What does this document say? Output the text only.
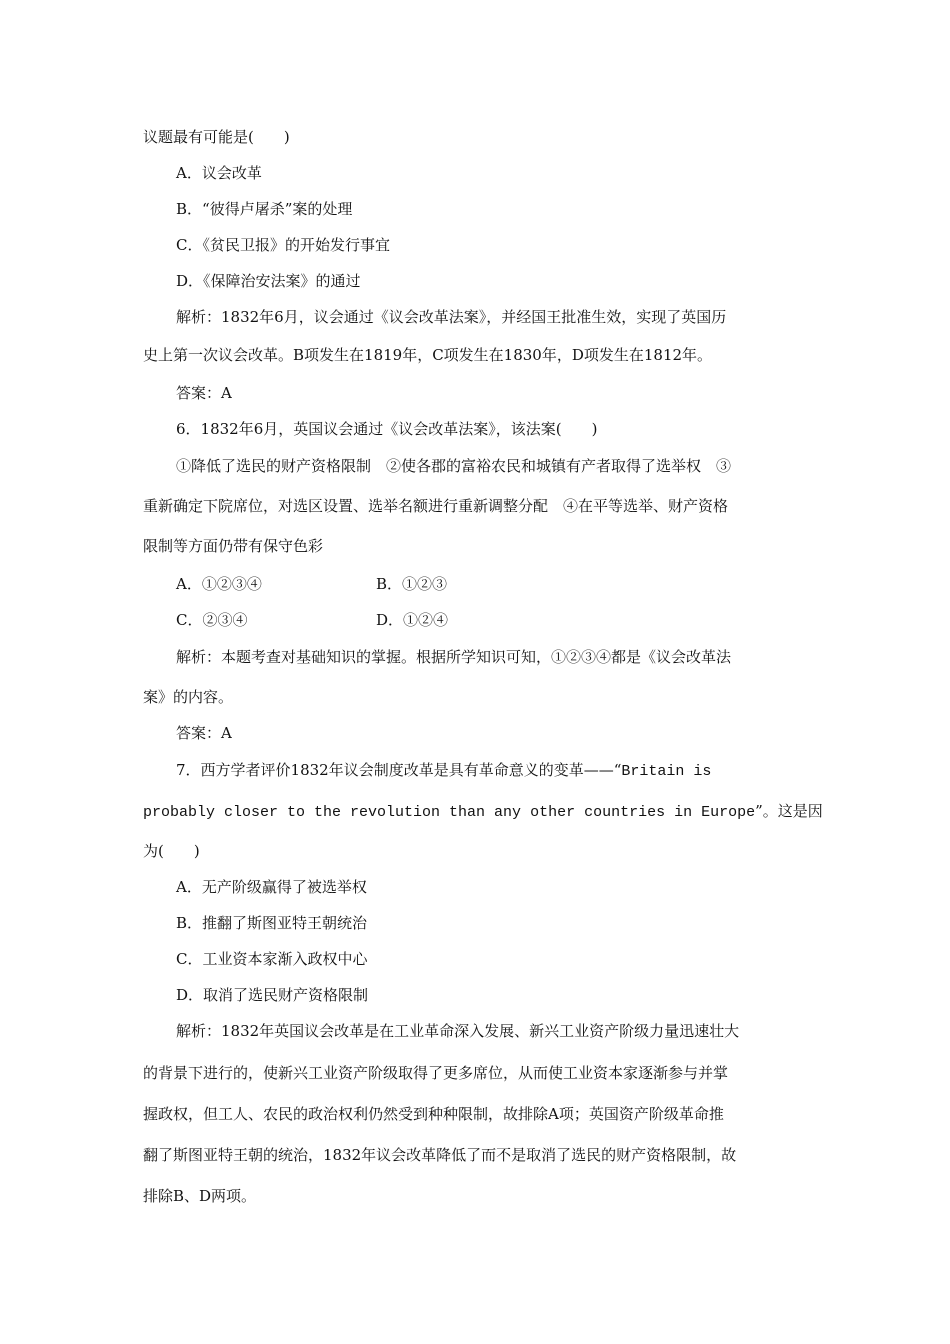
议题最有可能是(　　)
A．议会改革
B．“彼得卢屠杀”案的处理
C．《贫民卫报》的开始发行事宜
D．《保障治安法案》的通过
解析：1832年6月，议会通过《议会改革法案》，并经国王批准生效，实现了英国历
史上第一次议会改革。B项发生在1819年，C项发生在1830年，D项发生在1812年。
答案：A
6．1832年6月，英国议会通过《议会改革法案》，该法案(　　)
①降低了选民的财产资格限制　②使各郡的富裕农民和城镇有产者取得了选举权　③
重新确定下院席位，对选区设置、选举名额进行重新调整分配　④在平等选举、财产资格
限制等方面仍带有保守色彩
A．①②③④	B．①②③
C．②③④	D．①②④
解析：本题考查对基础知识的掌握。根据所学知识可知，①②③④都是《议会改革法
案》的内容。
答案：A
7．西方学者评价1832年议会制度改革是具有革命意义的变革——“Britain is
probably closer to the revolution than any other countries in Europe”。这是因
为(　　)
A．无产阶级赢得了被选举权
B．推翻了斯图亚特王朝统治
C．工业资本家渐入政权中心
D．取消了选民财产资格限制
解析：1832年英国议会改革是在工业革命深入发展、新兴工业资产阶级力量迅速壮大
的背景下进行的，使新兴工业资产阶级取得了更多席位，从而使工业资本家逐渐参与并掌
握政权，但工人、农民的政治权利仍然受到种种限制，故排除A项；英国资产阶级革命推
翻了斯图亚特王朝的统治，1832年议会改革降低了而不是取消了选民的财产资格限制，故
排除B、D两项。
